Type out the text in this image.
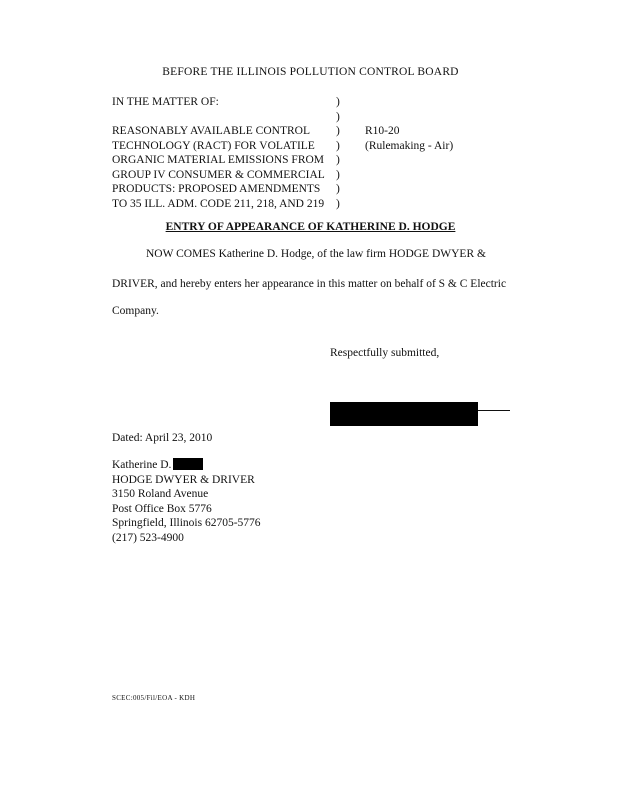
BEFORE THE ILLINOIS POLLUTION CONTROL BOARD
IN THE MATTER OF:

REASONABLY AVAILABLE CONTROL
TECHNOLOGY (RACT) FOR VOLATILE
ORGANIC MATERIAL EMISSIONS FROM
GROUP IV CONSUMER & COMMERCIAL
PRODUCTS: PROPOSED AMENDMENTS
TO 35 ILL. ADM. CODE 211, 218, AND 219
)
)
)
)
)
)
)
)
R10-20
(Rulemaking - Air)
ENTRY OF APPEARANCE OF KATHERINE D. HODGE
NOW COMES Katherine D. Hodge, of the law firm HODGE DWYER &
DRIVER, and hereby enters her appearance in this matter on behalf of S & C Electric
Company.
Respectfully submitted,
Dated: April 23, 2010
Katherine D.
HODGE DWYER & DRIVER
3150 Roland Avenue
Post Office Box 5776
Springfield, Illinois 62705-5776
(217) 523-4900
SCEC:005/Fil/EOA - KDH
